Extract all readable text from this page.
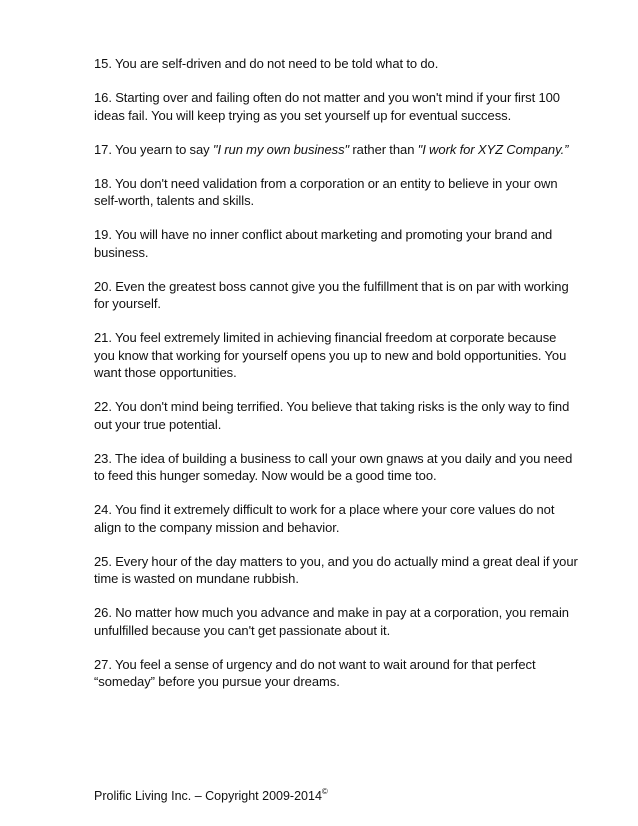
15. You are self-driven and do not need to be told what to do.
16. Starting over and failing often do not matter and you won't mind if your first 100 ideas fail. You will keep trying as you set yourself up for eventual success.
17. You yearn to say "I run my own business" rather than "I work for XYZ Company.”
18. You don't need validation from a corporation or an entity to believe in your own self-worth, talents and skills.
19. You will have no inner conflict about marketing and promoting your brand and business.
20. Even the greatest boss cannot give you the fulfillment that is on par with working for yourself.
21. You feel extremely limited in achieving financial freedom at corporate because you know that working for yourself opens you up to new and bold opportunities. You want those opportunities.
22. You don't mind being terrified. You believe that taking risks is the only way to find out your true potential.
23. The idea of building a business to call your own gnaws at you daily and you need to feed this hunger someday. Now would be a good time too.
24. You find it extremely difficult to work for a place where your core values do not align to the company mission and behavior.
25. Every hour of the day matters to you, and you do actually mind a great deal if your time is wasted on mundane rubbish.
26. No matter how much you advance and make in pay at a corporation, you remain unfulfilled because you can't get passionate about it.
27. You feel a sense of urgency and do not want to wait around for that perfect “someday” before you pursue your dreams.
Prolific Living Inc. – Copyright 2009-2014©
